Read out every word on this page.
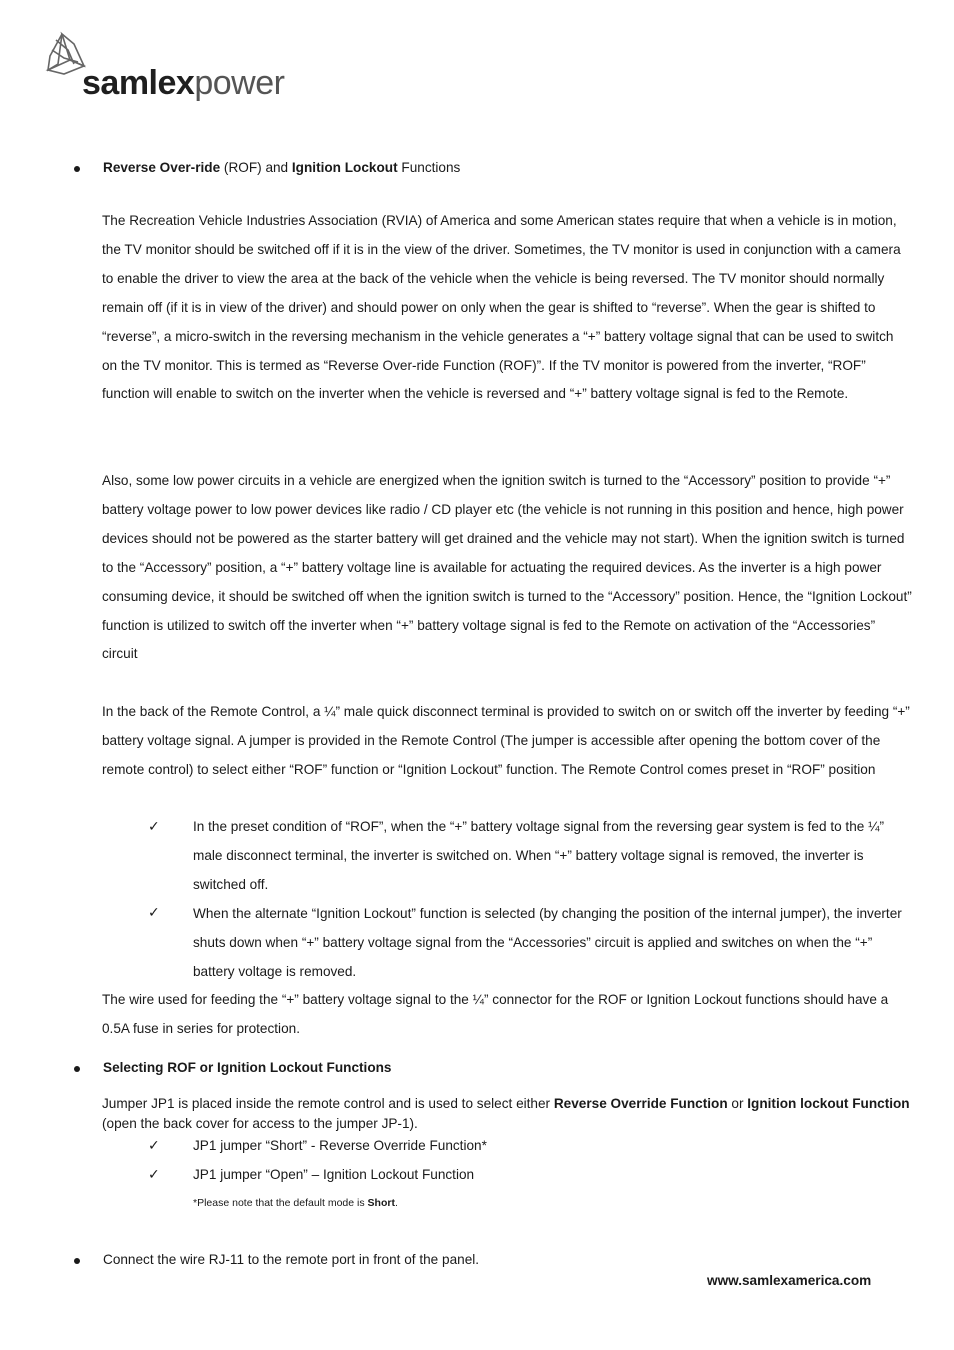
samlexpower
Reverse Over-ride (ROF) and Ignition Lockout Functions

The Recreation Vehicle Industries Association (RVIA) of America and some American states require that when a vehicle is in motion, the TV monitor should be switched off if it is in the view of the driver. Sometimes, the TV monitor is used in conjunction with a camera to enable the driver to view the area at the back of the vehicle when the vehicle is being reversed. The TV monitor should normally remain off (if it is in view of the driver) and should power on only when the gear is shifted to “reverse”. When the gear is shifted to “reverse”, a micro-switch in the reversing mechanism in the vehicle generates a “+” battery voltage signal that can be used to switch on the TV monitor. This is termed as “Reverse Over-ride Function (ROF)”. If the TV monitor is powered from the inverter, “ROF” function will enable to switch on the inverter when the vehicle is reversed and “+” battery voltage signal is fed to the Remote.

Also, some low power circuits in a vehicle are energized when the ignition switch is turned to the “Accessory” position to provide “+” battery voltage power to low power devices like radio / CD player etc (the vehicle is not running in this position and hence, high power devices should not be powered as the starter battery will get drained and the vehicle may not start). When the ignition switch is turned to the “Accessory” position, a “+” battery voltage line is available for actuating the required devices. As the inverter is a high power consuming device, it should be switched off when the ignition switch is turned to the “Accessory” position. Hence, the “Ignition Lockout” function is utilized to switch off the inverter when “+” battery voltage signal is fed to the Remote on activation of the “Accessories” circuit

In the back of the Remote Control, a ¼” male quick disconnect terminal is provided to switch on or switch off the inverter by feeding “+” battery voltage signal. A jumper is provided in the Remote Control (The jumper is accessible after opening the bottom cover of the remote control) to select either “ROF” function or “Ignition Lockout” function. The Remote Control comes preset in “ROF” position

✓ In the preset condition of “ROF”, when the “+” battery voltage signal from the reversing gear system is fed to the ¼” male disconnect terminal, the inverter is switched on. When “+” battery voltage signal is removed, the inverter is switched off.

✓ When the alternate “Ignition Lockout” function is selected (by changing the position of the internal jumper), the inverter shuts down when “+” battery voltage signal from the “Accessories” circuit is applied and switches on when the “+” battery voltage is removed.

The wire used for feeding the “+” battery voltage signal to the ¼” connector for the ROF or Ignition Lockout functions should have a 0.5A fuse in series for protection.

Selecting ROF or Ignition Lockout Functions

Jumper JP1 is placed inside the remote control and is used to select either Reverse Override Function or Ignition lockout Function (open the back cover for access to the jumper JP-1).

✓ JP1 jumper “Short” - Reverse Override Function*
✓ JP1 jumper “Open” – Ignition Lockout Function
*Please note that the default mode is Short.
Connect the wire RJ-11 to the remote port in front of the panel.
www.samlexamerica.com
